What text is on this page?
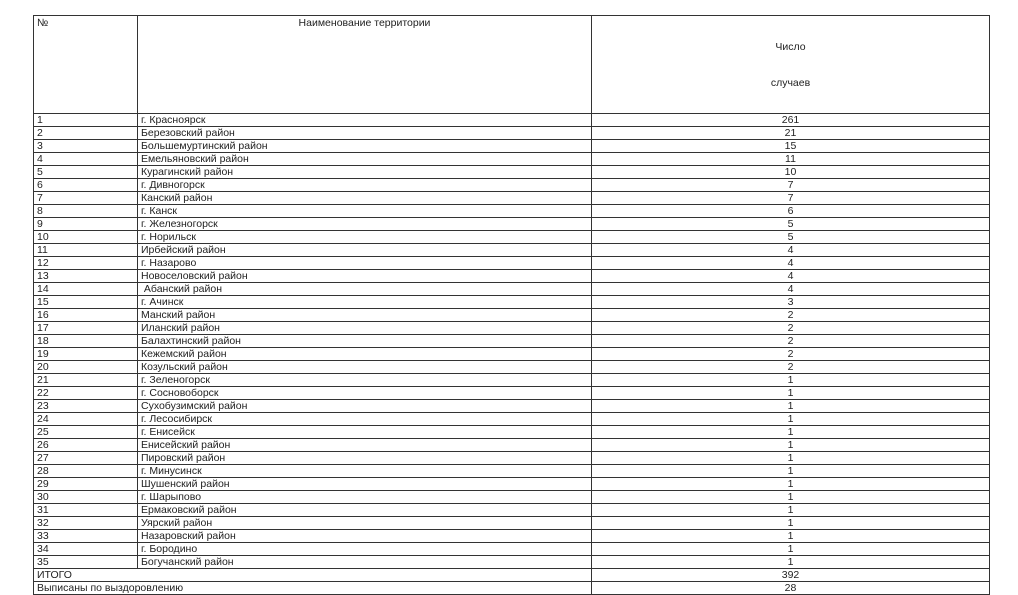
№	Наименование территории	Число

случаев

1	г. Красноярск	261
2	Березовский район	21
3	Большемуртинский район	15
4	Емельяновский район	11
5	Курагинский район	10
6	г. Дивногорск	7
7	Канский район	7
8	г. Канск	6
9	г. Железногорск	5
10	г. Норильск	5
11	Ирбейский район	4
12	г. Назарово	4
13	Новоселовский район	4
14	Абанский район	4
15	г. Ачинск	3
16	Манский район	2
17	Иланский район	2
18	Балахтинский район	2
19	Кежемский район	2
20	Козульский район	2
21	г. Зеленогорск	1
22	г. Сосновоборск	1
23	Сухобузимский район	1
24	г. Лесосибирск	1
25	г. Енисейск	1
26	Енисейский район	1
27	Пировский район	1
28	г. Минусинск	1
29	Шушенский район	1
30	г. Шарыпово	1
31	Ермаковский район	1
32	Уярский район	1
33	Назаровский район	1
34	г. Бородино	1
35	Богучанский район	1
ИТОГО		392
Выписаны по выздоровлению		28
